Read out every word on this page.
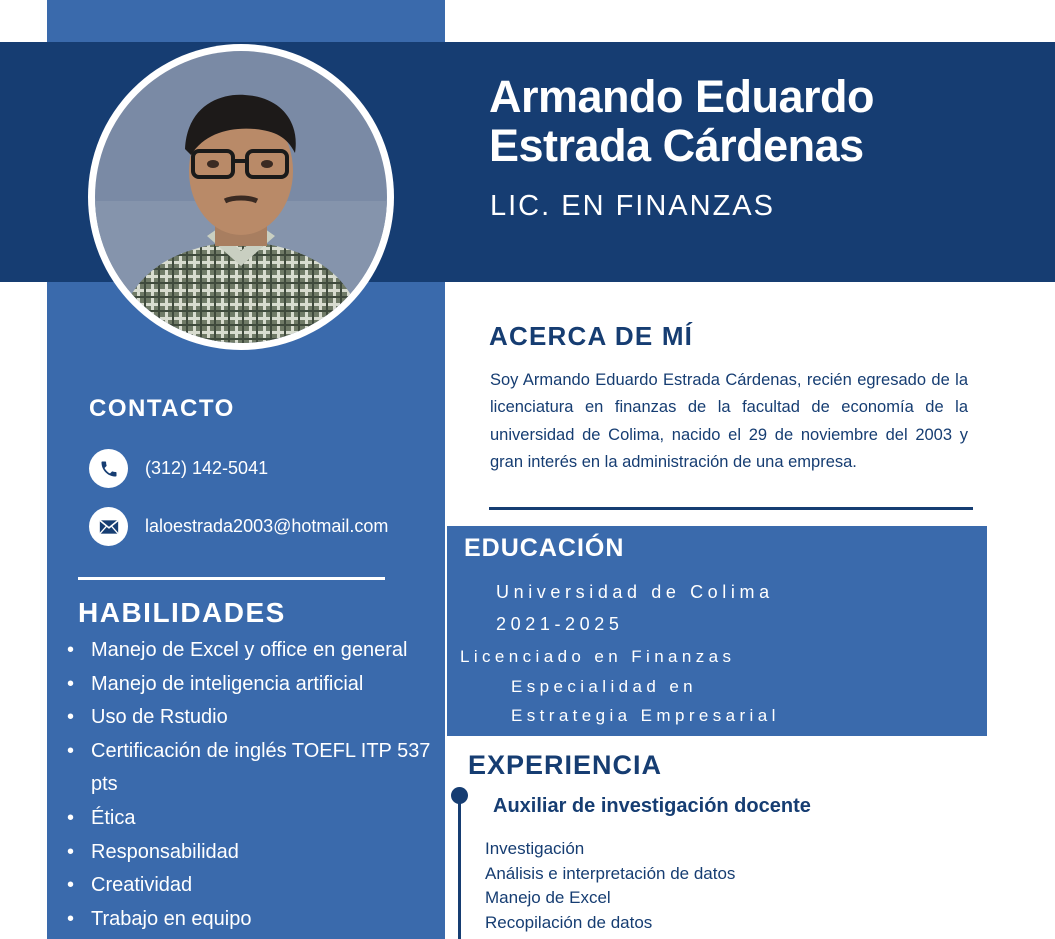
Armando Eduardo
Estrada Cárdenas
LIC. EN FINANZAS
CONTACTO
(312) 142-5041
laloestrada2003@hotmail.com
HABILIDADES
• Manejo de Excel y office en general
• Manejo de inteligencia artificial
• Uso de Rstudio
• Certificación de inglés TOEFL ITP 537 pts
• Ética
• Responsabilidad
• Creatividad
• Trabajo en equipo
ACERCA DE MÍ

Soy Armando Eduardo Estrada Cárdenas, recién egresado de la licenciatura en finanzas de la facultad de economía de la universidad de Colima, nacido el 29 de noviembre del 2003 y gran interés en la administración de una empresa.

EDUCACIÓN
Universidad de Colima
2021-2025
Licenciado en Finanzas
Especialidad en
Estrategia Empresarial
EXPERIENCIA
Auxiliar de investigación docente
Investigación
Análisis e interpretación de datos
Manejo de Excel
Recopilación de datos
